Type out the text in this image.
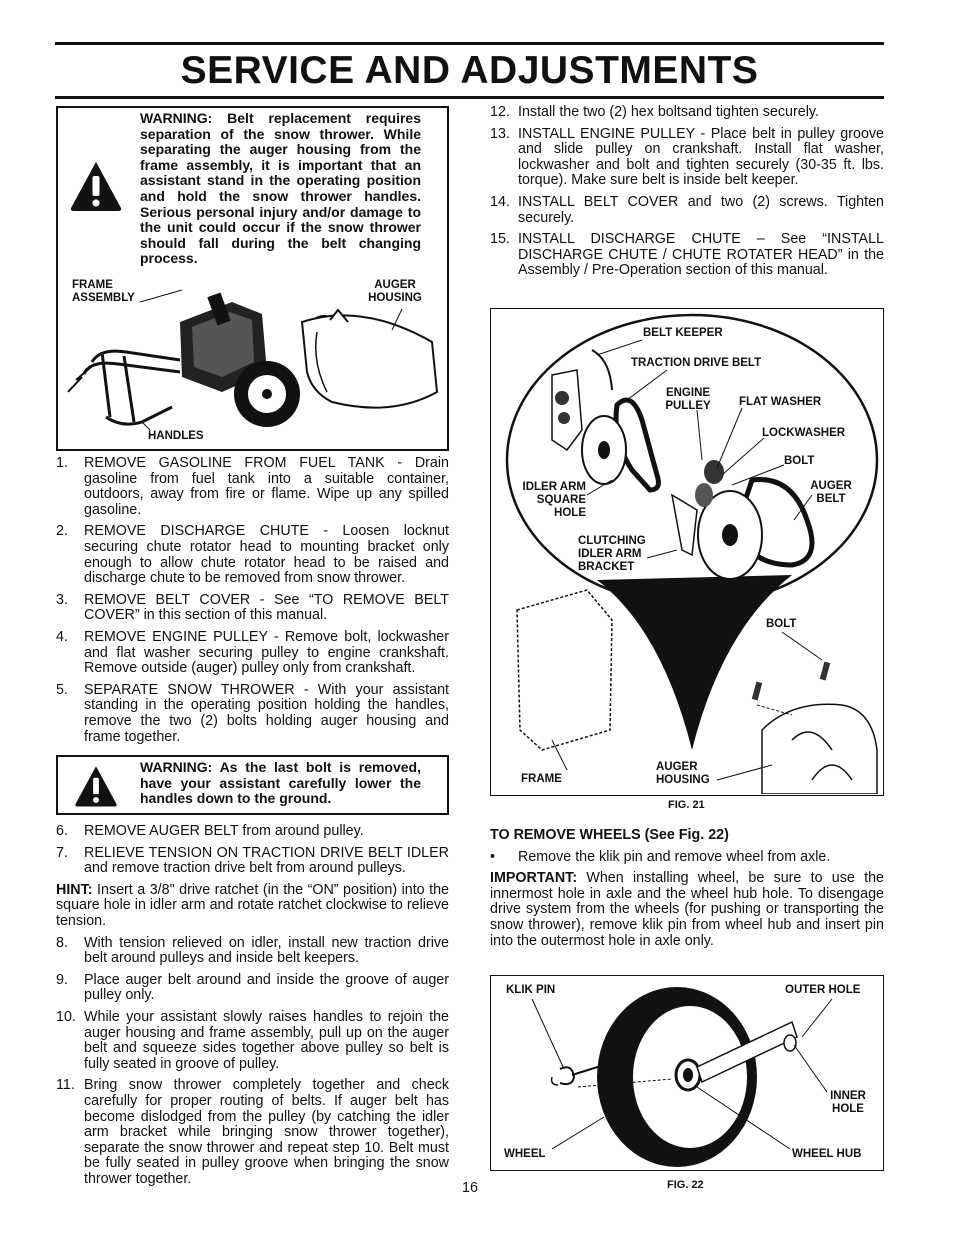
SERVICE AND ADJUSTMENTS
WARNING: Belt replacement requires separation of the snow thrower. While separating the auger housing from the frame assembly, it is important that an assistant stand in the operating position and hold the snow thrower handles. Serious personal injury and/or damage to the unit could occur if the snow thrower should fall during the belt changing process.
FRAME
ASSEMBLY
AUGER
HOUSING
HANDLES
1.	REMOVE GASOLINE FROM FUEL TANK - Drain gasoline from fuel tank into a suitable container, outdoors, away from fire or flame. Wipe up any spilled gasoline.
2.	REMOVE DISCHARGE CHUTE - Loosen locknut securing chute rotator head to mounting bracket only enough to allow chute rotator head to be raised and discharge chute to be removed from snow thrower.
3.	REMOVE BELT COVER - See “TO REMOVE BELT COVER” in this section of this manual.
4.	REMOVE ENGINE PULLEY - Remove bolt, lockwasher and flat washer securing pulley to engine crankshaft. Remove outside (auger) pulley only from crankshaft.
5.	SEPARATE SNOW THROWER - With your assistant standing in the operating position holding the handles, remove the two (2) bolts holding auger housing and frame together.
WARNING: As the last bolt is removed, have your assistant carefully lower the handles down to the ground.
6.	REMOVE AUGER BELT from around pulley.
7.	RELIEVE TENSION ON TRACTION DRIVE BELT IDLER and remove traction drive belt from around pulleys.
HINT: Insert a 3/8" drive ratchet (in the “ON” position) into the square hole in idler arm and rotate ratchet clockwise to relieve tension.
8.	With tension relieved on idler, install new traction drive belt around pulleys and inside belt keepers.
9.	Place auger belt around and inside the groove of auger pulley only.
10. While your assistant slowly raises handles to rejoin the auger housing and frame assembly, pull up on the auger belt and squeeze sides together above pulley so belt is fully seated in groove of pulley.
11. Bring snow thrower completely together and check carefully for proper routing of belts. If auger belt has become dislodged from the pulley (by catching the idler arm bracket while bringing snow thrower together), separate the snow thrower and repeat step 10. Belt must be fully seated in pulley groove when bringing the snow thrower together.
12. Install the two (2) hex boltsand tighten securely.
13. INSTALL ENGINE PULLEY - Place belt in pulley groove and slide pulley on crankshaft. Install flat washer, lockwasher and bolt and tighten securely (30-35 ft. lbs. torque). Make sure belt is inside belt keeper.
14. INSTALL BELT COVER and two (2) screws. Tighten securely.
15. INSTALL DISCHARGE CHUTE – See “INSTALL DISCHARGE CHUTE / CHUTE ROTATER HEAD” in the Assembly / Pre-Operation section of this manual.
BELT KEEPER
TRACTION DRIVE BELT
ENGINE
PULLEY	FLAT WASHER
LOCKWASHER
BOLT
AUGER
BELT
IDLER ARM
SQUARE
HOLE
CLUTCHING
IDLER ARM
BRACKET
AUGER PULLEY
BOLT
FRAME
AUGER
HOUSING
FIG. 21
TO REMOVE WHEELS (See Fig. 22)
•	Remove the klik pin and remove wheel from axle.
IMPORTANT: When installing wheel, be sure to use the innermost hole in axle and the wheel hub hole. To disengage drive system from the wheels (for pushing or transporting the snow thrower), remove klik pin from wheel hub and insert pin into the outermost hole in axle only.
KLIK PIN	OUTER HOLE
INNER
HOLE
WHEEL	WHEEL HUB
FIG. 22
16
